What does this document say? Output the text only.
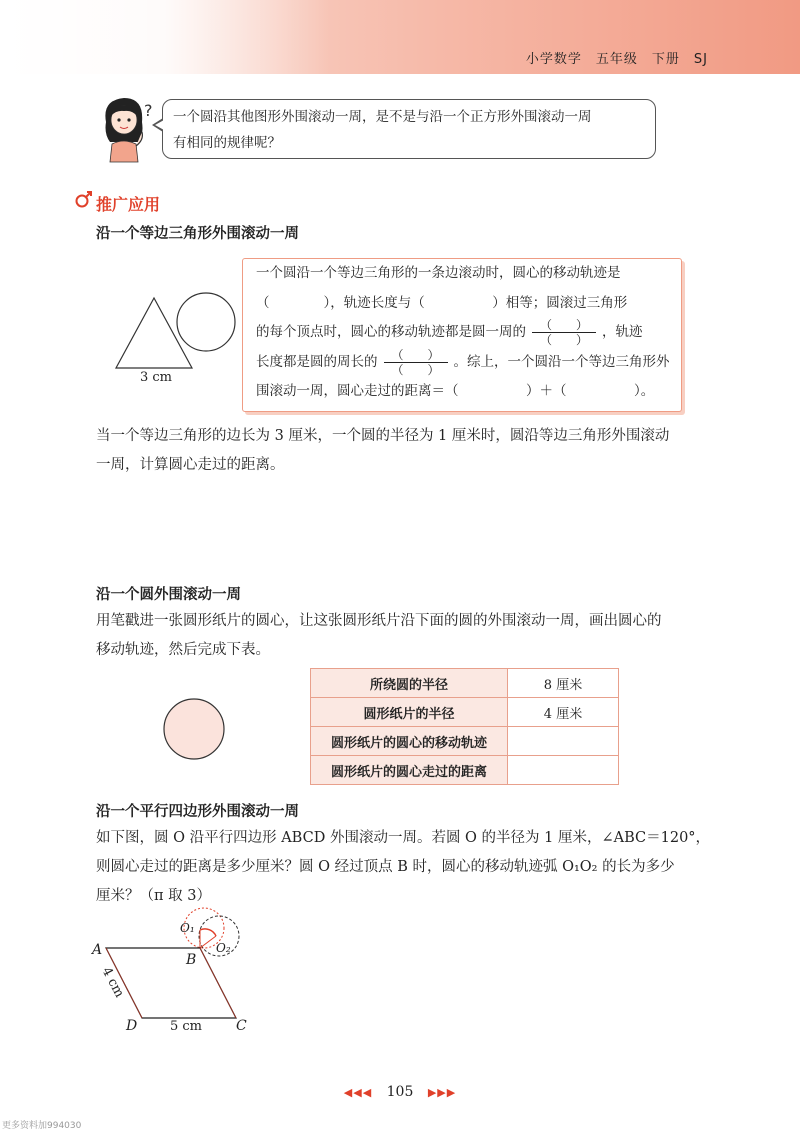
小学数学　五年级　下册　SJ
? 一个圆沿其他图形外围滚动一周，是不是与沿一个正方形外围滚动一周
有相同的规律呢？
推广应用
沿一个等边三角形外围滚动一周
3 cm
一个圆沿一个等边三角形的一条边滚动时，圆心的移动轨迹是
（　　　　），轨迹长度与（　　　　　）相等；圆滚过三角形
的每个顶点时，圆心的移动轨迹都是圆一周的 $\frac{( )}{( )}$ ，轨迹
长度都是圆的周长的 $\frac{( )}{( )}$ 。综上，一个圆沿一个等边三角形外
围滚动一周，圆心走过的距离＝（　　　　　）＋（　　　　　）。
当一个等边三角形的边长为 3 厘米，一个圆的半径为 1 厘米时，圆沿等边三角形外围滚动
一周，计算圆心走过的距离。
沿一个圆外围滚动一周
用笔戳进一张圆形纸片的圆心，让这张圆形纸片沿下面的圆的外围滚动一周，画出圆心的
移动轨迹，然后完成下表。
所绕圆的半径	8 厘米
圆形纸片的半径	4 厘米
圆形纸片的圆心的移动轨迹	
圆形纸片的圆心走过的距离	
沿一个平行四边形外围滚动一周
如下图，圆 O 沿平行四边形 ABCD 外围滚动一周。若圆 O 的半径为 1 厘米，∠ABC＝120°，
则圆心走过的距离是多少厘米？圆 O 经过顶点 B 时，圆心的移动轨迹弧 O₁O₂ 的长为多少
厘米？（π 取 3）
A
B
C
D
O₁
O₂
5 cm
4 cm
◀◀◀ 105 ▶▶▶
更多资料加994030
